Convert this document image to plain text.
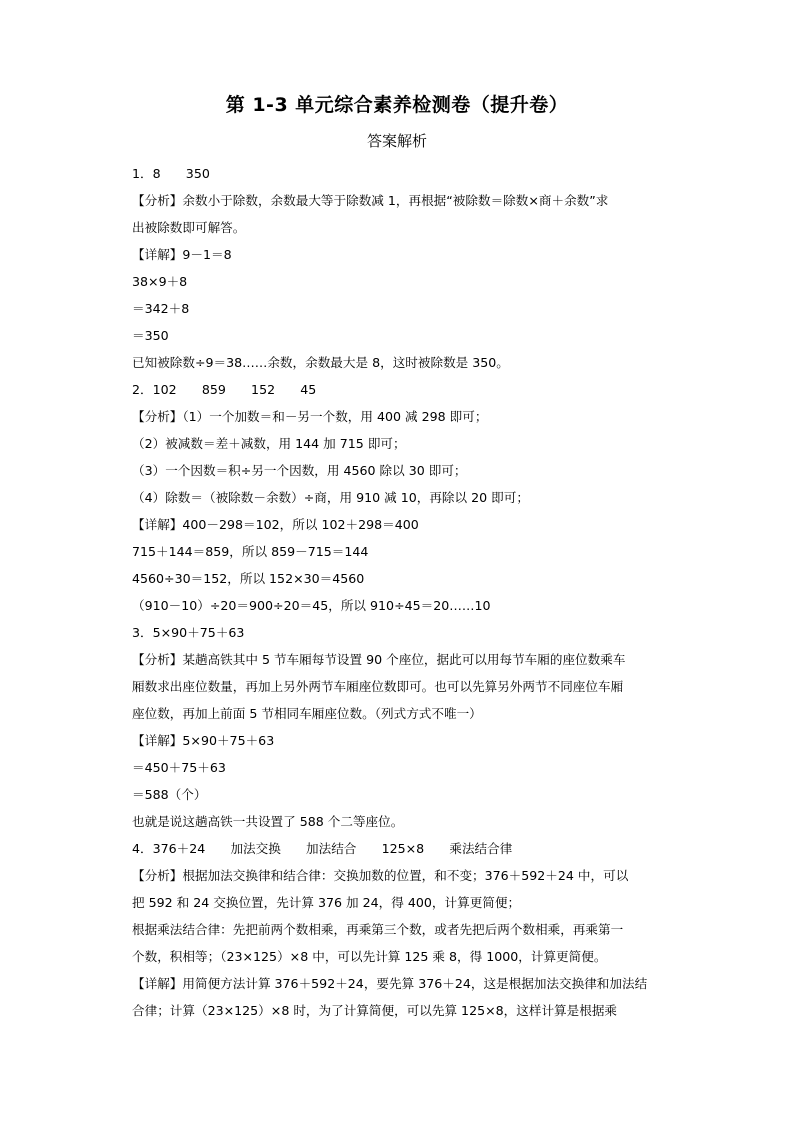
第 1-3 单元综合素养检测卷（提升卷）
答案解析
1．8　　350
【分析】余数小于除数，余数最大等于除数减 1，再根据“被除数＝除数×商＋余数”求
出被除数即可解答。
【详解】9－1＝8
38×9＋8
＝342＋8
＝350
已知被除数÷9＝38……余数，余数最大是 8，这时被除数是 350。
2．102　　859　　152　　45
【分析】（1）一个加数＝和－另一个数，用 400 减 298 即可；
（2）被减数＝差＋减数，用 144 加 715 即可；
（3）一个因数＝积÷另一个因数，用 4560 除以 30 即可；
（4）除数＝（被除数－余数）÷商，用 910 减 10，再除以 20 即可；
【详解】400－298＝102，所以 102＋298＝400
715＋144＝859，所以 859－715＝144
4560÷30＝152，所以 152×30＝4560
（910－10）÷20＝900÷20＝45，所以 910÷45＝20……10
3．5×90＋75＋63
【分析】某趟高铁其中 5 节车厢每节设置 90 个座位，据此可以用每节车厢的座位数乘车
厢数求出座位数量，再加上另外两节车厢座位数即可。也可以先算另外两节不同座位车厢
座位数，再加上前面 5 节相同车厢座位数。（列式方式不唯一）
【详解】5×90＋75＋63
＝450＋75＋63
＝588（个）
也就是说这趟高铁一共设置了 588 个二等座位。
4．376＋24　　加法交换　　加法结合　　125×8　　乘法结合律
【分析】根据加法交换律和结合律：交换加数的位置，和不变；376＋592＋24 中，可以
把 592 和 24 交换位置，先计算 376 加 24，得 400，计算更简便；
根据乘法结合律：先把前两个数相乘，再乘第三个数，或者先把后两个数相乘，再乘第一
个数，积相等；（23×125）×8 中，可以先计算 125 乘 8，得 1000，计算更简便。
【详解】用简便方法计算 376＋592＋24，要先算 376＋24，这是根据加法交换律和加法结
合律；计算（23×125）×8 时，为了计算简便，可以先算 125×8，这样计算是根据乘
